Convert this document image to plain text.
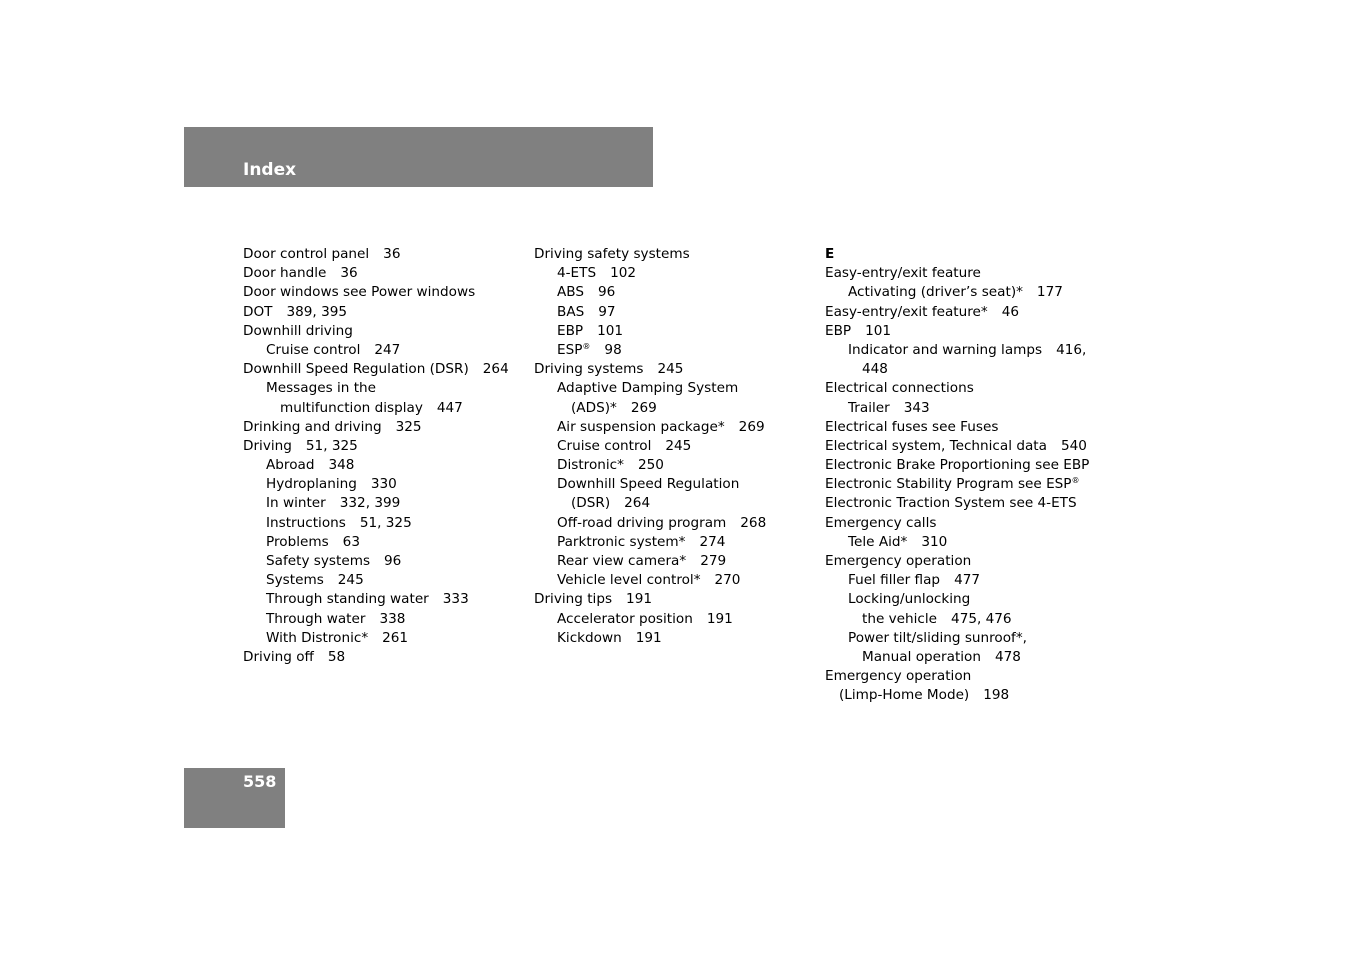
Index
Door control panel 36
Door handle 36
Door windows see Power windows
DOT 389, 395
Downhill driving
Cruise control 247
Downhill Speed Regulation (DSR) 264
Messages in the
multifunction display 447
Drinking and driving 325
Driving 51, 325
Abroad 348
Hydroplaning 330
In winter 332, 399
Instructions 51, 325
Problems 63
Safety systems 96
Systems 245
Through standing water 333
Through water 338
With Distronic* 261
Driving off 58
Driving safety systems
4-ETS 102
ABS 96
BAS 97
EBP 101
ESP® 98
Driving systems 245
Adaptive Damping System
(ADS)* 269
Air suspension package* 269
Cruise control 245
Distronic* 250
Downhill Speed Regulation
(DSR) 264
Off-road driving program 268
Parktronic system* 274
Rear view camera* 279
Vehicle level control* 270
Driving tips 191
Accelerator position 191
Kickdown 191
E
Easy-entry/exit feature
Activating (driver’s seat)* 177
Easy-entry/exit feature* 46
EBP 101
Indicator and warning lamps 416,
448
Electrical connections
Trailer 343
Electrical fuses see Fuses
Electrical system, Technical data 540
Electronic Brake Proportioning see EBP
Electronic Stability Program see ESP®
Electronic Traction System see 4-ETS
Emergency calls
Tele Aid* 310
Emergency operation
Fuel filler flap 477
Locking/unlocking
the vehicle 475, 476
Power tilt/sliding sunroof*,
Manual operation 478
Emergency operation
(Limp-Home Mode) 198
558
